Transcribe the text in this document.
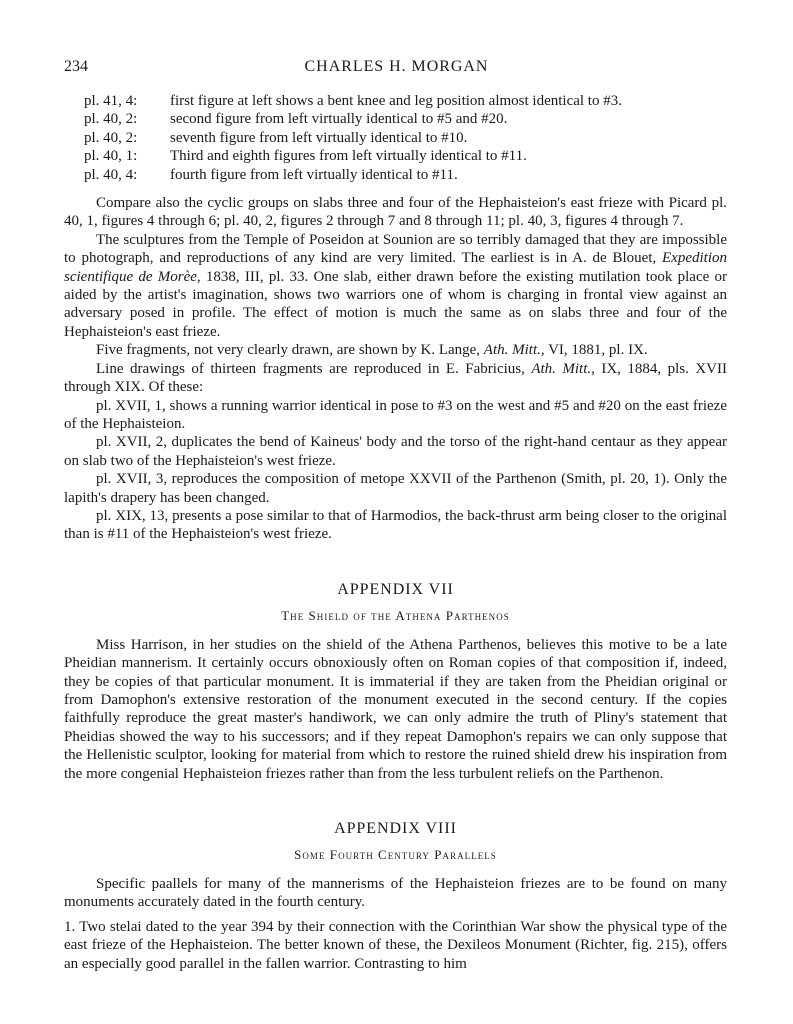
234	CHARLES H. MORGAN
pl. 41, 4:	first figure at left shows a bent knee and leg position almost identical to #3.
pl. 40, 2:	second figure from left virtually identical to #5 and #20.
pl. 40, 2:	seventh figure from left virtually identical to #10.
pl. 40, 1:	Third and eighth figures from left virtually identical to #11.
pl. 40, 4:	fourth figure from left virtually identical to #11.

Compare also the cyclic groups on slabs three and four of the Hephaisteion's east frieze with Picard pl. 40, 1, figures 4 through 6; pl. 40, 2, figures 2 through 7 and 8 through 11; pl. 40, 3, figures 4 through 7.

The sculptures from the Temple of Poseidon at Sounion are so terribly damaged that they are impossible to photograph, and reproductions of any kind are very limited. The earliest is in A. de Blouet, Expedition scientifique de Morèe, 1838, III, pl. 33. One slab, either drawn before the existing mutilation took place or aided by the artist's imagination, shows two warriors one of whom is charging in frontal view against an adversary posed in profile. The effect of motion is much the same as on slabs three and four of the Hephaisteion's east frieze.

Five fragments, not very clearly drawn, are shown by K. Lange, Ath. Mitt., VI, 1881, pl. IX.

Line drawings of thirteen fragments are reproduced in E. Fabricius, Ath. Mitt., IX, 1884, pls. XVII through XIX. Of these:

pl. XVII, 1, shows a running warrior identical in pose to #3 on the west and #5 and #20 on the east frieze of the Hephaisteion.

pl. XVII, 2, duplicates the bend of Kaineus' body and the torso of the right-hand centaur as they appear on slab two of the Hephaisteion's west frieze.

pl. XVII, 3, reproduces the composition of metope XXVII of the Parthenon (Smith, pl. 20, 1). Only the lapith's drapery has been changed.

pl. XIX, 13, presents a pose similar to that of Harmodios, the back-thrust arm being closer to the original than is #11 of the Hephaisteion's west frieze.

APPENDIX VII
The Shield of the Athena Parthenos

Miss Harrison, in her studies on the shield of the Athena Parthenos, believes this motive to be a late Pheidian mannerism. It certainly occurs obnoxiously often on Roman copies of that composition if, indeed, they be copies of that particular monument. It is immaterial if they are taken from the Pheidian original or from Damophon's extensive restoration of the monument executed in the second century. If the copies faithfully reproduce the great master's handiwork, we can only admire the truth of Pliny's statement that Pheidias showed the way to his successors; and if they repeat Damophon's repairs we can only suppose that the Hellenistic sculptor, looking for material from which to restore the ruined shield drew his inspiration from the more congenial Hephaisteion friezes rather than from the less turbulent reliefs on the Parthenon.

APPENDIX VIII
Some Fourth Century Parallels

Specific paallels for many of the mannerisms of the Hephaisteion friezes are to be found on many monuments accurately dated in the fourth century.

1. Two stelai dated to the year 394 by their connection with the Corinthian War show the physical type of the east frieze of the Hephaisteion. The better known of these, the Dexileos Monument (Richter, fig. 215), offers an especially good parallel in the fallen warrior. Contrasting to him
